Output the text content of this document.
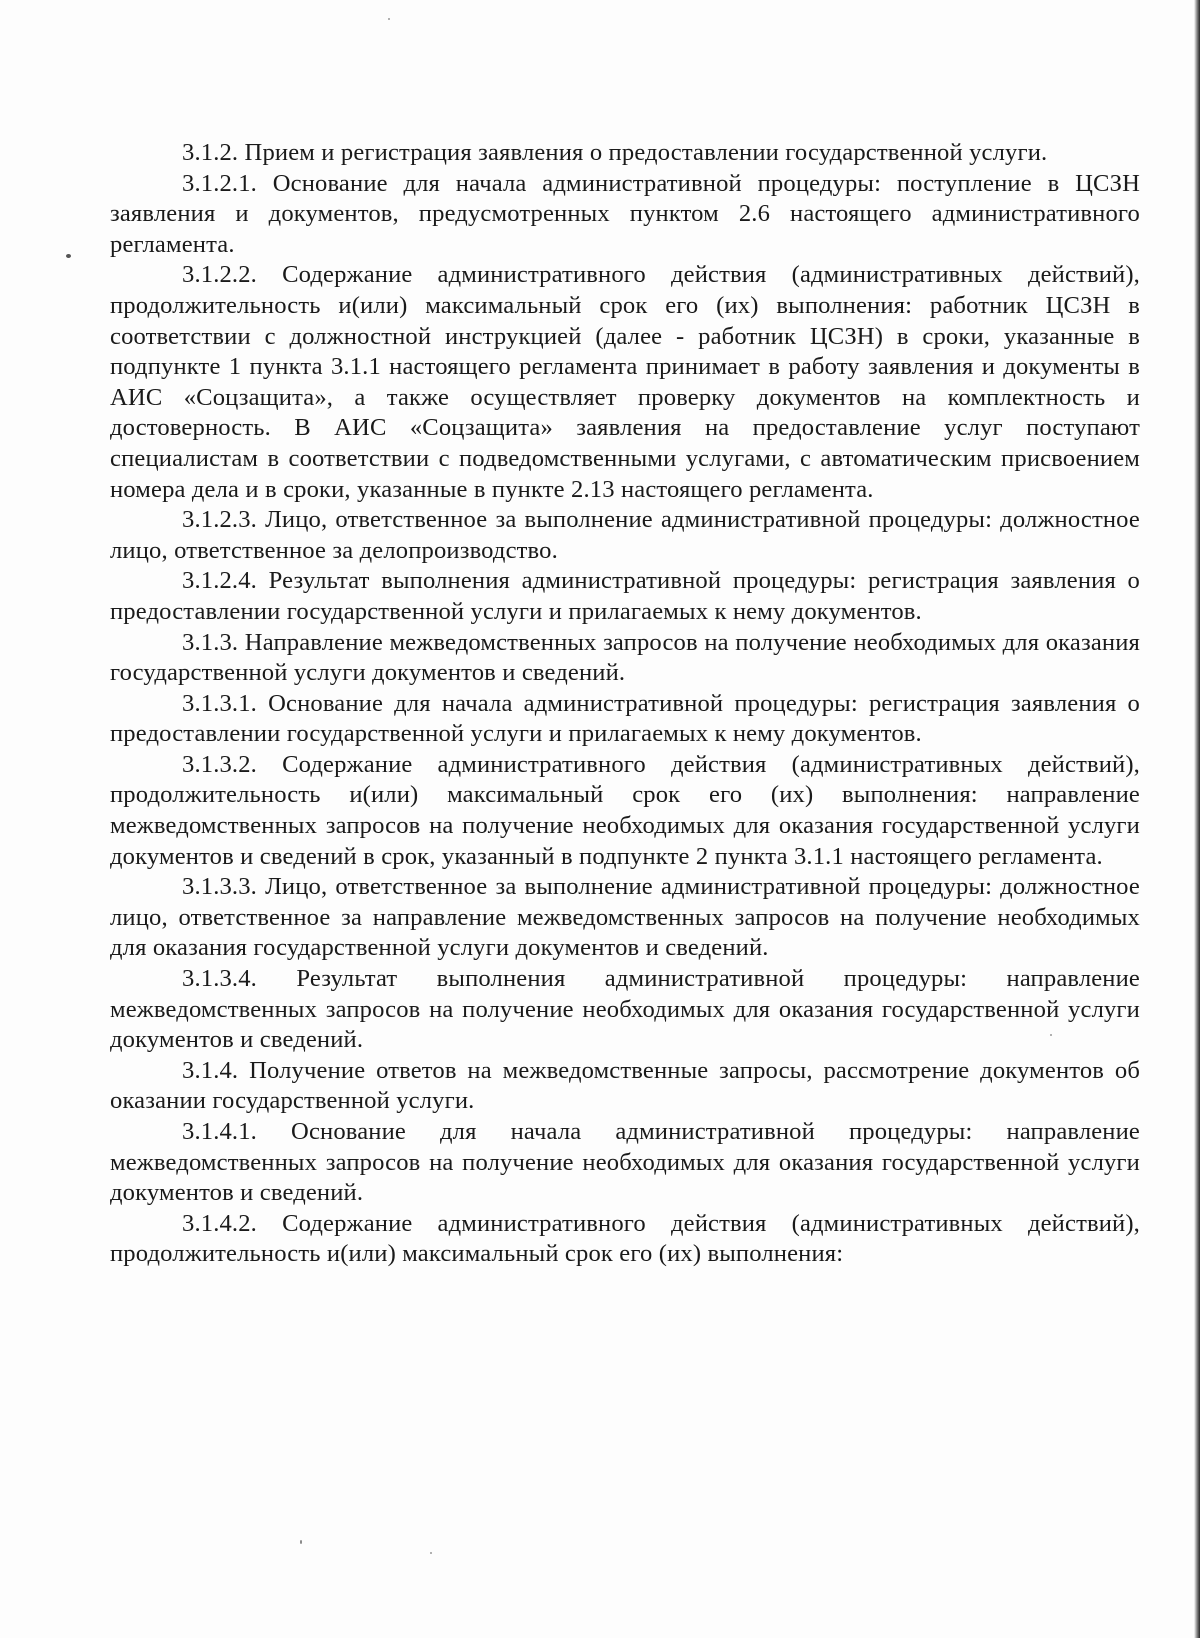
3.1.2. Прием и регистрация заявления о предоставлении государственной услуги.

3.1.2.1. Основание для начала административной процедуры: поступление в ЦСЗН заявления и документов, предусмотренных пунктом 2.6 настоящего административного регламента.

3.1.2.2. Содержание административного действия (административных действий), продолжительность и(или) максимальный срок его (их) выполнения: работник ЦСЗН в соответствии с должностной инструкцией (далее - работник ЦСЗН) в сроки, указанные в подпункте 1 пункта 3.1.1 настоящего регламента принимает в работу заявления и документы в АИС «Соцзащита», а также осуществляет проверку документов на комплектность и достоверность. В АИС «Соцзащита» заявления на предоставление услуг поступают специалистам в соответствии с подведомственными услугами, с автоматическим присвоением номера дела и в сроки, указанные в пункте 2.13 настоящего регламента.

3.1.2.3. Лицо, ответственное за выполнение административной процедуры: должностное лицо, ответственное за делопроизводство.

3.1.2.4. Результат выполнения административной процедуры: регистрация заявления о предоставлении государственной услуги и прилагаемых к нему документов.

3.1.3. Направление межведомственных запросов на получение необходимых для оказания государственной услуги документов и сведений.

3.1.3.1. Основание для начала административной процедуры: регистрация заявления о предоставлении государственной услуги и прилагаемых к нему документов.

3.1.3.2. Содержание административного действия (административных действий), продолжительность и(или) максимальный срок его (их) выполнения: направление межведомственных запросов на получение необходимых для оказания государственной услуги документов и сведений в срок, указанный в подпункте 2 пункта 3.1.1 настоящего регламента.

3.1.3.3. Лицо, ответственное за выполнение административной процедуры: должностное лицо, ответственное за направление межведомственных запросов на получение необходимых для оказания государственной услуги документов и сведений.

3.1.3.4. Результат выполнения административной процедуры: направление межведомственных запросов на получение необходимых для оказания государственной услуги документов и сведений.

3.1.4. Получение ответов на межведомственные запросы, рассмотрение документов об оказании государственной услуги.

3.1.4.1. Основание для начала административной процедуры: направление межведомственных запросов на получение необходимых для оказания государственной услуги документов и сведений.

3.1.4.2. Содержание административного действия (административных действий), продолжительность и(или) максимальный срок его (их) выполнения:
